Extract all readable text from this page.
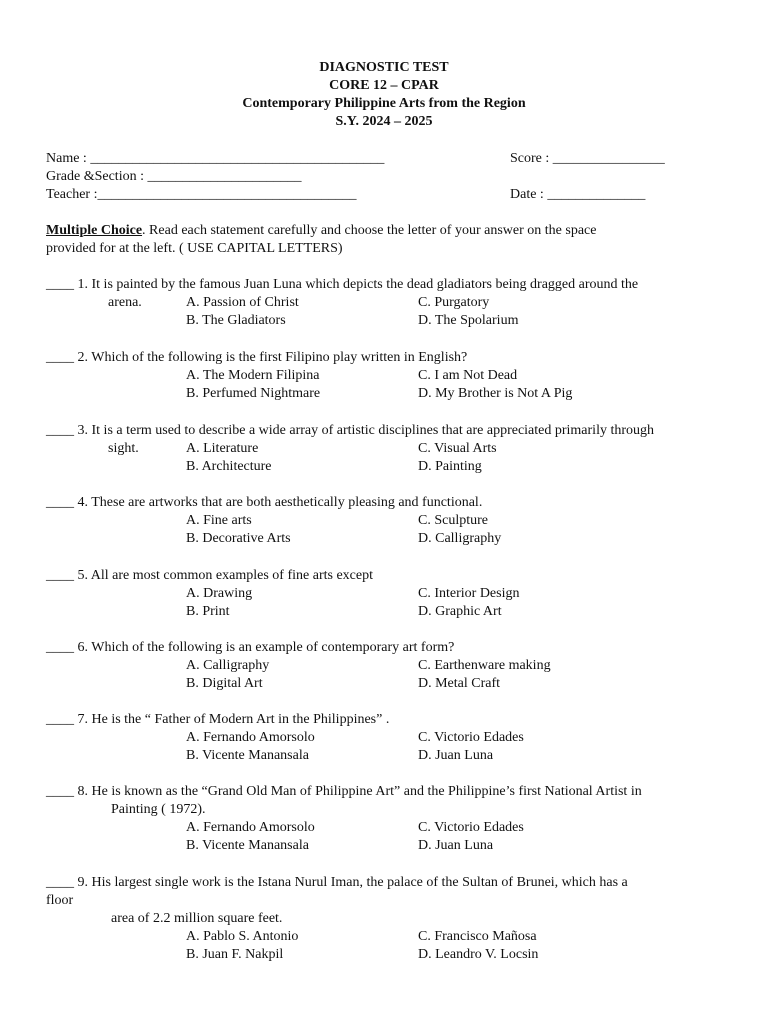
DIAGNOSTIC TEST
CORE 12 – CPAR
Contemporary Philippine Arts from the Region
S.Y. 2024 – 2025
Name : __________________________________________	Score : ________________
Grade &Section : ______________________
Teacher :_____________________________________	Date : ______________
Multiple Choice. Read each statement carefully and choose the letter of your answer on the space
provided for at the left. ( USE CAPITAL LETTERS)
____ 1. It is painted by the famous Juan Luna which depicts the dead gladiators being dragged around the
arena.	A. Passion of Christ	C. Purgatory
B. The Gladiators	D. The Spolarium
____ 2. Which of the following is the first Filipino play written in English?
A. The Modern Filipina	C. I am Not Dead
B. Perfumed Nightmare	D. My Brother is Not A Pig
____ 3. It is a term used to describe a wide array of artistic disciplines that are appreciated primarily through
sight.	A. Literature	C. Visual Arts
B. Architecture	D. Painting
____ 4. These are artworks that are both aesthetically pleasing and functional.
A. Fine arts	C. Sculpture
B. Decorative Arts	D. Calligraphy
____ 5. All are most common examples of fine arts except
A. Drawing	C. Interior Design
B. Print	D. Graphic Art
____ 6. Which of the following is an example of contemporary art form?
A. Calligraphy	C. Earthenware making
B. Digital Art	D. Metal Craft
____ 7. He is the “ Father of Modern Art in the Philippines” .
A. Fernando Amorsolo	C. Victorio Edades
B. Vicente Manansala	D. Juan Luna
____ 8. He is known as the “Grand Old Man of Philippine Art” and the Philippine’s first National Artist in
Painting ( 1972).
A. Fernando Amorsolo	C. Victorio Edades
B. Vicente Manansala	D. Juan Luna
____ 9. His largest single work is the Istana Nurul Iman, the palace of the Sultan of Brunei, which has a
floor
area of 2.2 million square feet.
A. Pablo S. Antonio	C. Francisco Mañosa
B. Juan F. Nakpil	D. Leandro V. Locsin
